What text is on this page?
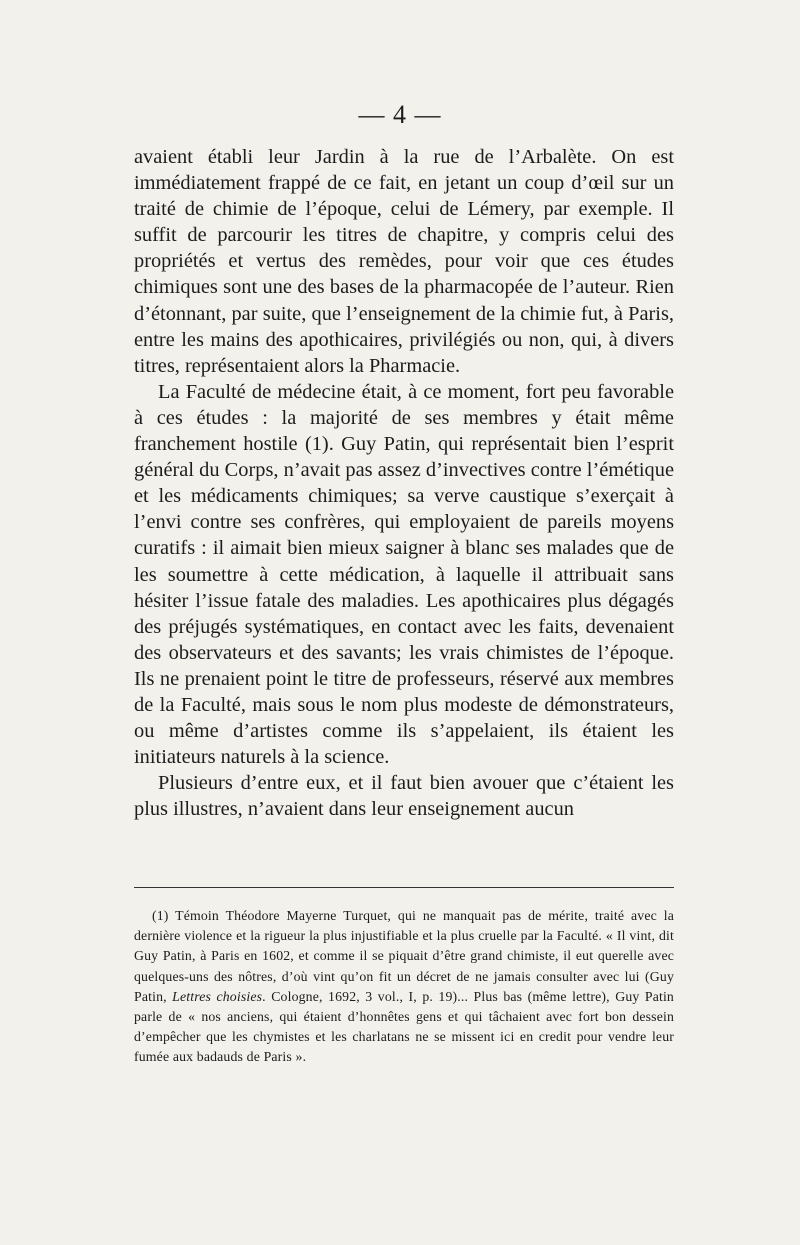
— 4 —

avaient établi leur Jardin à la rue de l’Arbalète. On est immédiatement frappé de ce fait, en jetant un coup d’œil sur un traité de chimie de l’époque, celui de Lémery, par exemple. Il suffit de parcourir les titres de chapitre, y compris celui des propriétés et vertus des remèdes, pour voir que ces études chimiques sont une des bases de la pharmacopée de l’auteur. Rien d’étonnant, par suite, que l’enseignement de la chimie fut, à Paris, entre les mains des apothicaires, privilégiés ou non, qui, à divers titres, représentaient alors la Pharmacie.

La Faculté de médecine était, à ce moment, fort peu favorable à ces études : la majorité de ses membres y était même franchement hostile (1). Guy Patin, qui représentait bien l’esprit général du Corps, n’avait pas assez d’invectives contre l’émétique et les médicaments chimiques; sa verve caustique s’exerçait à l’envi contre ses confrères, qui employaient de pareils moyens curatifs : il aimait bien mieux saigner à blanc ses malades que de les soumettre à cette médication, à laquelle il attribuait sans hésiter l’issue fatale des maladies. Les apothicaires plus dégagés des préjugés systématiques, en contact avec les faits, devenaient des observateurs et des savants; les vrais chimistes de l’époque. Ils ne prenaient point le titre de professeurs, réservé aux membres de la Faculté, mais sous le nom plus modeste de démonstrateurs, ou même d’artistes comme ils s’appelaient, ils étaient les initiateurs naturels à la science.

Plusieurs d’entre eux, et il faut bien avouer que c’étaient les plus illustres, n’avaient dans leur enseignement aucun

(1) Témoin Théodore Mayerne Turquet, qui ne manquait pas de mérite, traité avec la dernière violence et la rigueur la plus injustifiable et la plus cruelle par la Faculté. « Il vint, dit Guy Patin, à Paris en 1602, et comme il se piquait d’être grand chimiste, il eut querelle avec quelques-uns des nôtres, d’où vint qu’on fit un décret de ne jamais consulter avec lui (Guy Patin, Lettres choisies. Cologne, 1692, 3 vol., I, p. 19)... Plus bas (même lettre), Guy Patin parle de « nos anciens, qui étaient d’honnêtes gens et qui tâchaient avec fort bon dessein d’empêcher que les chymistes et les charlatans ne se missent ici en credit pour vendre leur fumée aux badauds de Paris ».
